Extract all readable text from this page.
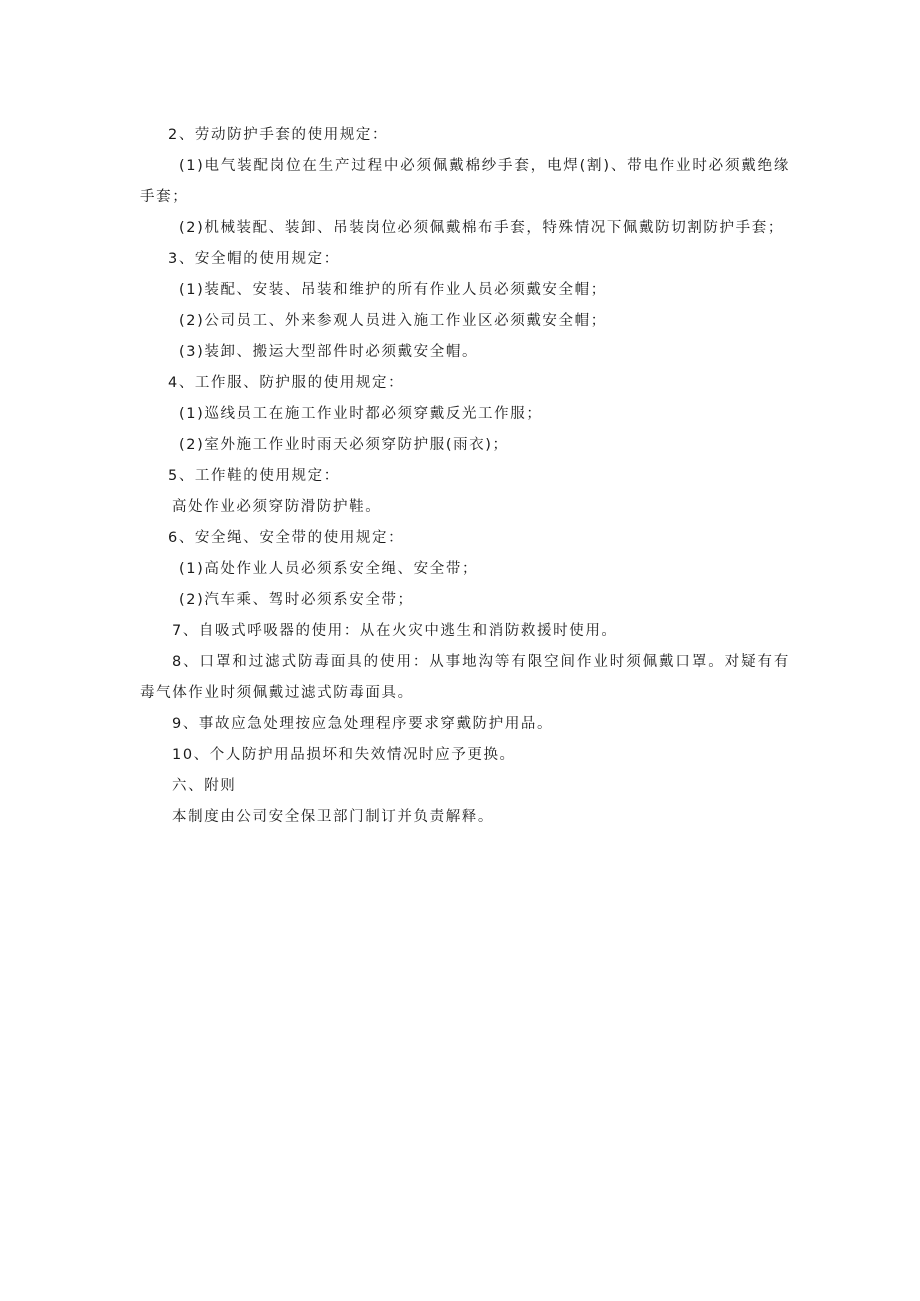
2、劳动防护手套的使用规定：
(1)电气装配岗位在生产过程中必须佩戴棉纱手套，电焊(割)、带电作业时必须戴绝缘手套；
(2)机械装配、装卸、吊装岗位必须佩戴棉布手套，特殊情况下佩戴防切割防护手套；
3、安全帽的使用规定：
(1)装配、安装、吊装和维护的所有作业人员必须戴安全帽；
(2)公司员工、外来参观人员进入施工作业区必须戴安全帽；
(3)装卸、搬运大型部件时必须戴安全帽。
4、工作服、防护服的使用规定：
(1)巡线员工在施工作业时都必须穿戴反光工作服；
(2)室外施工作业时雨天必须穿防护服(雨衣)；
5、工作鞋的使用规定：
高处作业必须穿防滑防护鞋。
6、安全绳、安全带的使用规定：
(1)高处作业人员必须系安全绳、安全带；
(2)汽车乘、驾时必须系安全带；
7、自吸式呼吸器的使用：从在火灾中逃生和消防救援时使用。
8、口罩和过滤式防毒面具的使用：从事地沟等有限空间作业时须佩戴口罩。对疑有有毒气体作业时须佩戴过滤式防毒面具。
9、事故应急处理按应急处理程序要求穿戴防护用品。
10、个人防护用品损坏和失效情况时应予更换。
六、附则
本制度由公司安全保卫部门制订并负责解释。
